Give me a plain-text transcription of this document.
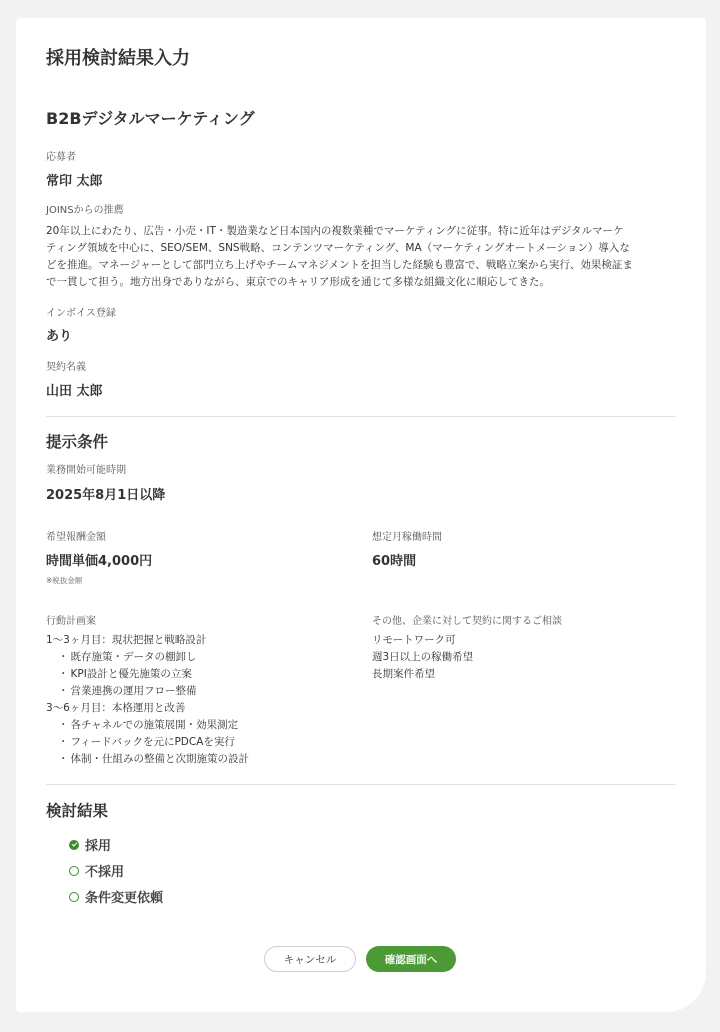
採用検討結果入力
B2Bデジタルマーケティング
応募者
常印 太郎
JOINSからの推薦
20年以上にわたり、広告・小売・IT・製造業など日本国内の複数業種でマーケティングに従事。特に近年はデジタルマーケ
ティング領域を中心に、SEO/SEM、SNS戦略、コンテンツマーケティング、MA（マーケティングオートメーション）導入な
どを推進。マネージャーとして部門立ち上げやチームマネジメントを担当した経験も豊富で、戦略立案から実行、効果検証ま
で一貫して担う。地方出身でありながら、東京でのキャリア形成を通じて多様な組織文化に順応してきた。
インボイス登録
あり
契約名義
山田 太郎
提示条件
業務開始可能時期
2025年8月1日以降
希望報酬金額
時間単価4,000円
※税抜金額
想定月稼働時間
60時間
行動計画案
1〜3ヶ月目：現状把握と戦略設計
・ 既存施策・データの棚卸し
・ KPI設計と優先施策の立案
・ 営業連携の運用フロー整備
3〜6ヶ月目：本格運用と改善
・ 各チャネルでの施策展開・効果測定
・ フィードバックを元にPDCAを実行
・ 体制・仕組みの整備と次期施策の設計
その他、企業に対して契約に関するご相談
リモートワーク可
週3日以上の稼働希望
長期案件希望
検討結果
採用
不採用
条件変更依頼
キャンセル	確認画面へ
